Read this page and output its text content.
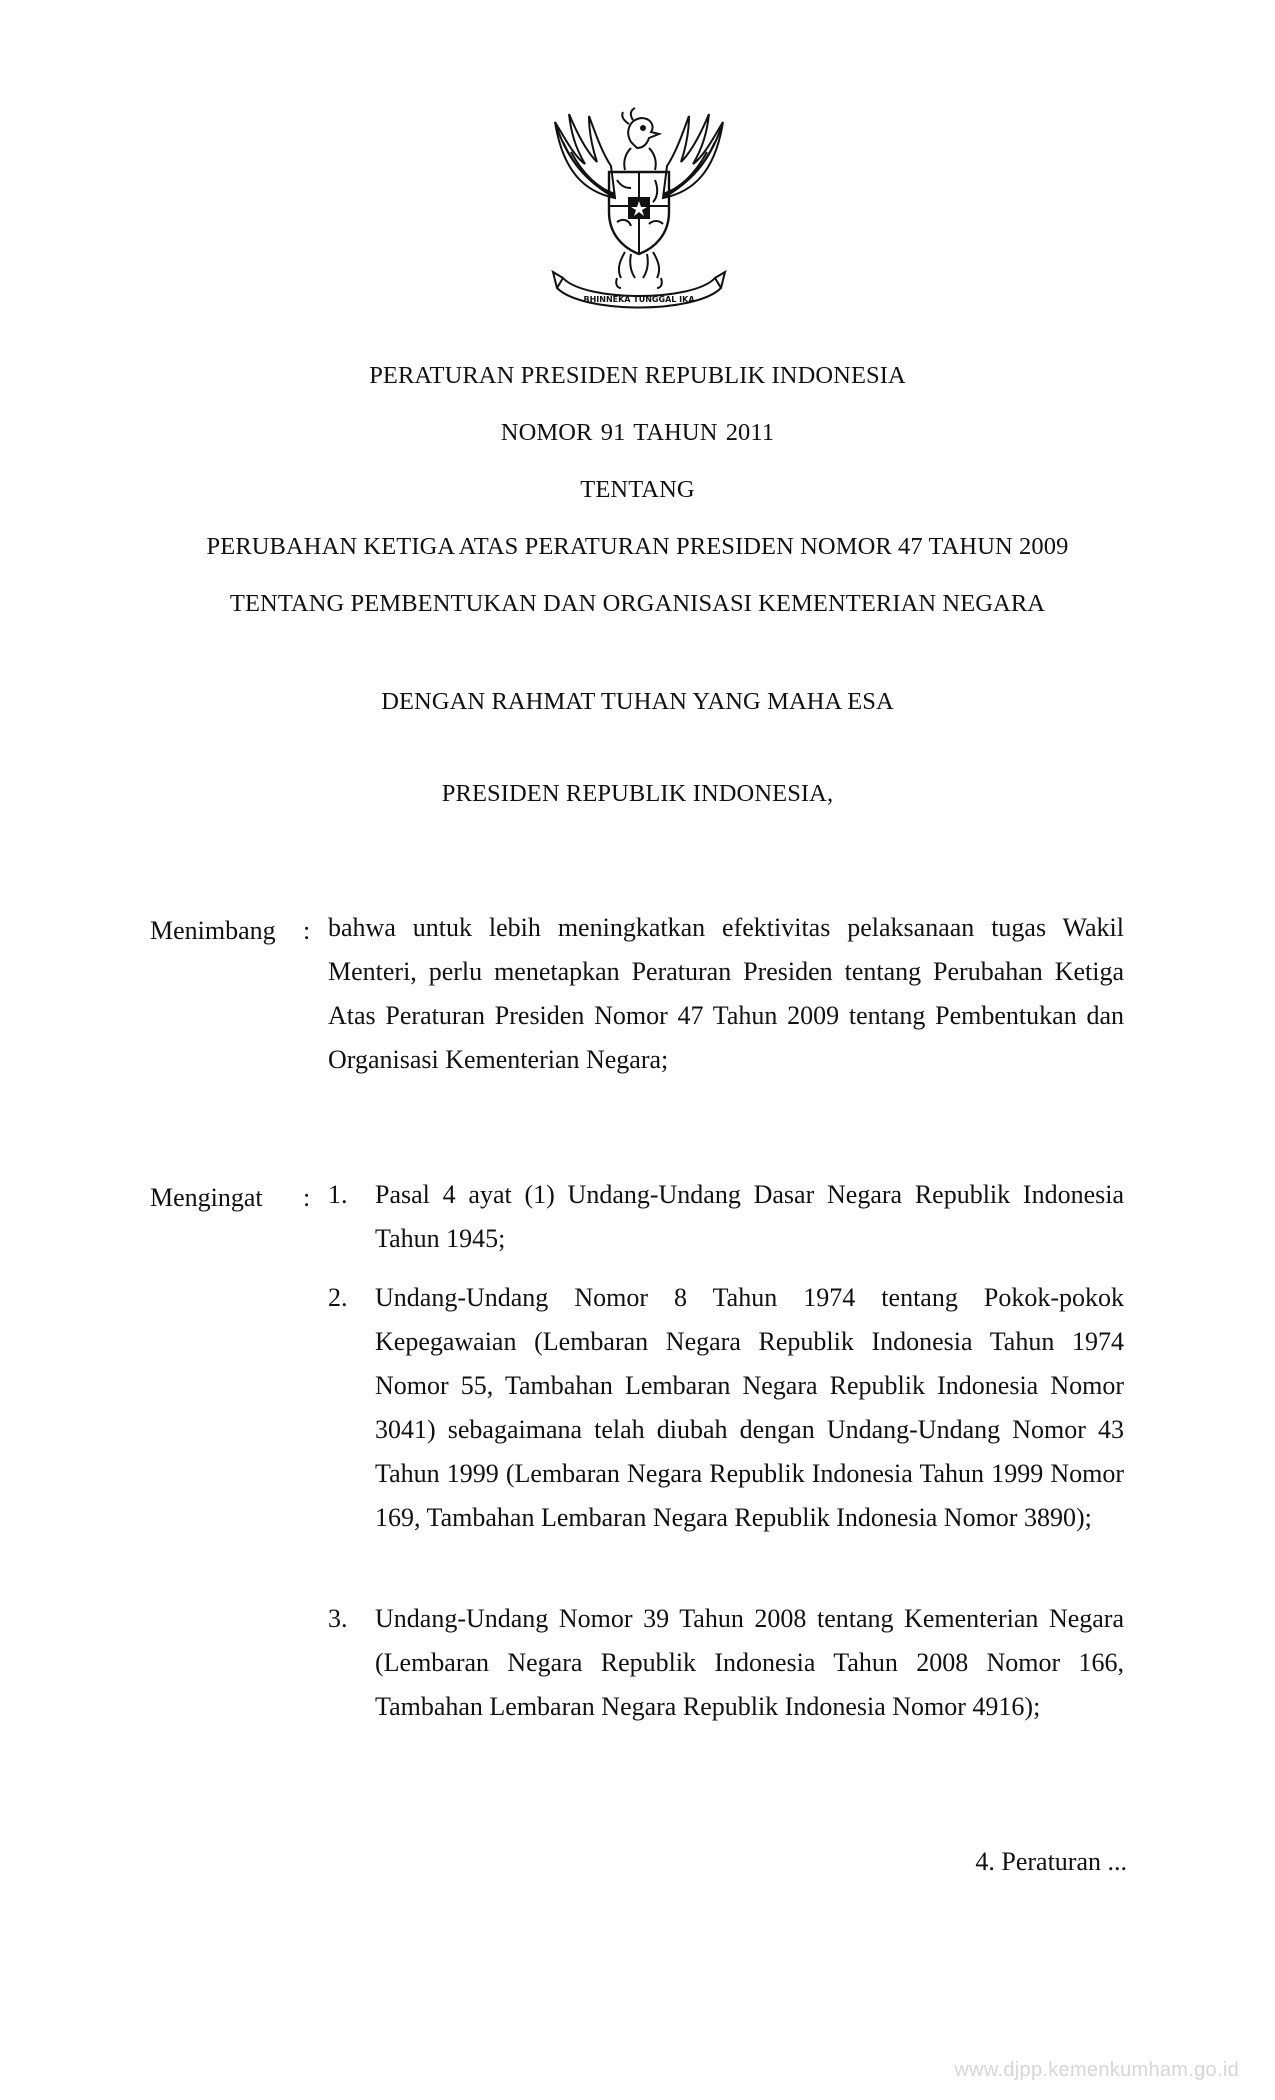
BHINNEKA TUNGGAL IKA
PERATURAN PRESIDEN REPUBLIK INDONESIA
NOMOR 91 TAHUN 2011
TENTANG
PERUBAHAN KETIGA ATAS PERATURAN PRESIDEN NOMOR 47 TAHUN 2009
TENTANG PEMBENTUKAN DAN ORGANISASI KEMENTERIAN NEGARA
DENGAN RAHMAT TUHAN YANG MAHA ESA
PRESIDEN REPUBLIK INDONESIA,
Menimbang : bahwa untuk lebih meningkatkan efektivitas pelaksanaan tugas Wakil Menteri, perlu menetapkan Peraturan Presiden tentang Perubahan Ketiga Atas Peraturan Presiden Nomor 47 Tahun 2009 tentang Pembentukan dan Organisasi Kementerian Negara;
Mengingat : 1. Pasal 4 ayat (1) Undang-Undang Dasar Negara Republik Indonesia Tahun 1945;
2. Undang-Undang Nomor 8 Tahun 1974 tentang Pokok-pokok Kepegawaian (Lembaran Negara Republik Indonesia Tahun 1974 Nomor 55, Tambahan Lembaran Negara Republik Indonesia Nomor 3041) sebagaimana telah diubah dengan Undang-Undang Nomor 43 Tahun 1999 (Lembaran Negara Republik Indonesia Tahun 1999 Nomor 169, Tambahan Lembaran Negara Republik Indonesia Nomor 3890);
3. Undang-Undang Nomor 39 Tahun 2008 tentang Kementerian Negara (Lembaran Negara Republik Indonesia Tahun 2008 Nomor 166, Tambahan Lembaran Negara Republik Indonesia Nomor 4916);
4. Peraturan ...
www.djpp.kemenkumham.go.id
